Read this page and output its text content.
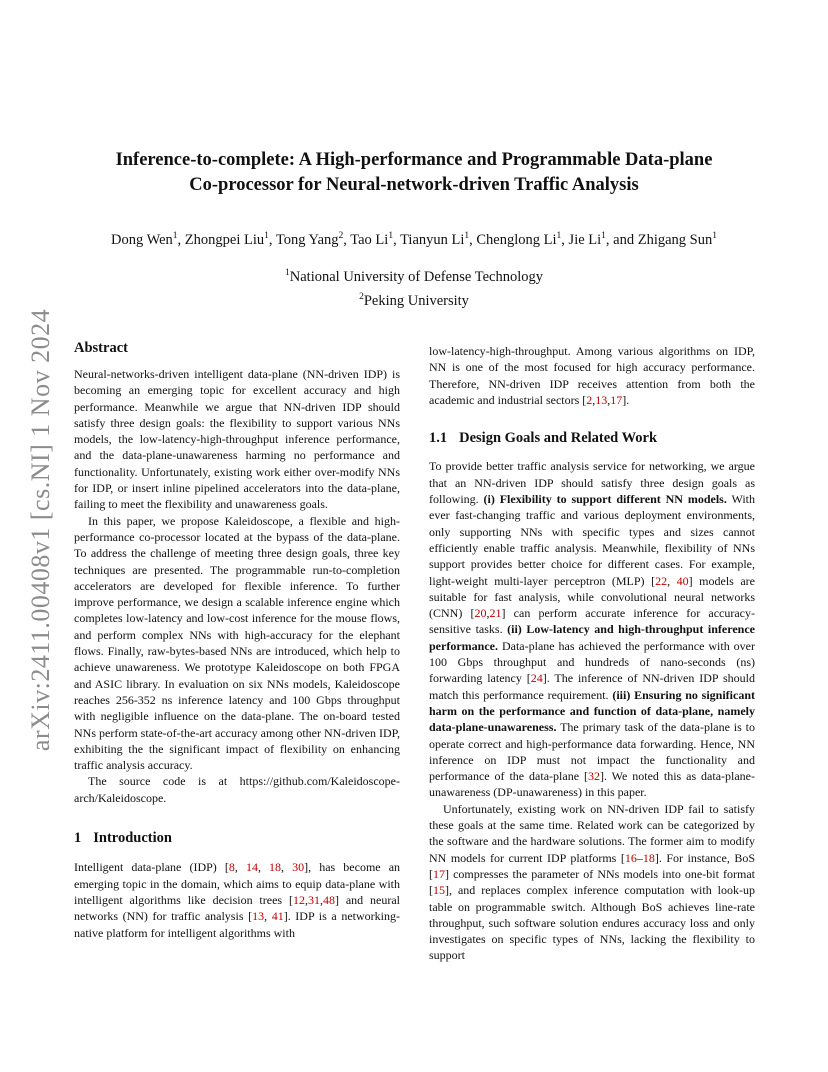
arXiv:2411.00408v1 [cs.NI] 1 Nov 2024
Inference-to-complete: A High-performance and Programmable Data-plane
Co-processor for Neural-network-driven Traffic Analysis
Dong Wen$^1$, Zhongpei Liu$^1$, Tong Yang$^2$, Tao Li$^1$, Tianyun Li$^1$, Chenglong Li$^1$, Jie Li$^1$, and Zhigang Sun$^1$
$^1$National University of Defense Technology
$^2$Peking University
Abstract

Neural-networks-driven intelligent data-plane (NN-driven IDP) is becoming an emerging topic for excellent accuracy and high performance. Meanwhile we argue that NN-driven IDP should satisfy three design goals: the flexibility to support various NNs models, the low-latency-high-throughput inference performance, and the data-plane-unawareness harming no performance and functionality. Unfortunately, existing work either over-modify NNs for IDP, or insert inline pipelined accelerators into the data-plane, failing to meet the flexibility and unawareness goals.

In this paper, we propose Kaleidoscope, a flexible and high-performance co-processor located at the bypass of the data-plane. To address the challenge of meeting three design goals, three key techniques are presented. The programmable run-to-completion accelerators are developed for flexible inference. To further improve performance, we design a scalable inference engine which completes low-latency and low-cost inference for the mouse flows, and perform complex NNs with high-accuracy for the elephant flows. Finally, raw-bytes-based NNs are introduced, which help to achieve unawareness. We prototype Kaleidoscope on both FPGA and ASIC library. In evaluation on six NNs models, Kaleidoscope reaches 256-352 ns inference latency and 100 Gbps throughput with negligible influence on the data-plane. The on-board tested NNs perform state-of-the-art accuracy among other NN-driven IDP, exhibiting the the significant impact of flexibility on enhancing traffic analysis accuracy.

The source code is at https://github.com/Kaleidoscope-arch/Kaleidoscope.

1 Introduction

Intelligent data-plane (IDP) [8, 14, 18, 30], has become an emerging topic in the domain, which aims to equip data-plane with intelligent algorithms like decision trees [12,31,48] and neural networks (NN) for traffic analysis [13, 41]. IDP is a networking-native platform for intelligent algorithms with

low-latency-high-throughput. Among various algorithms on IDP, NN is one of the most focused for high accuracy performance. Therefore, NN-driven IDP receives attention from both the academic and industrial sectors [2,13,17].

1.1 Design Goals and Related Work

To provide better traffic analysis service for networking, we argue that an NN-driven IDP should satisfy three design goals as following. (i) Flexibility to support different NN models. With ever fast-changing traffic and various deployment environments, only supporting NNs with specific types and sizes cannot efficiently enable traffic analysis. Meanwhile, flexibility of NNs support provides better choice for different cases. For example, light-weight multi-layer perceptron (MLP) [22, 40] models are suitable for fast analysis, while convolutional neural networks (CNN) [20,21] can perform accurate inference for accuracy-sensitive tasks. (ii) Low-latency and high-throughput inference performance. Data-plane has achieved the performance with over 100 Gbps throughput and hundreds of nano-seconds (ns) forwarding latency [24]. The inference of NN-driven IDP should match this performance requirement. (iii) Ensuring no significant harm on the performance and function of data-plane, namely data-plane-unawareness. The primary task of the data-plane is to operate correct and high-performance data forwarding. Hence, NN inference on IDP must not impact the functionality and performance of the data-plane [32]. We noted this as data-plane-unawareness (DP-unawareness) in this paper.

Unfortunately, existing work on NN-driven IDP fail to satisfy these goals at the same time. Related work can be categorized by the software and the hardware solutions. The former aim to modify NN models for current IDP platforms [16–18]. For instance, BoS [17] compresses the parameter of NNs models into one-bit format [15], and replaces complex inference computation with look-up table on programmable switch. Although BoS achieves line-rate throughput, such software solution endures accuracy loss and only investigates on specific types of NNs, lacking the flexibility to support
